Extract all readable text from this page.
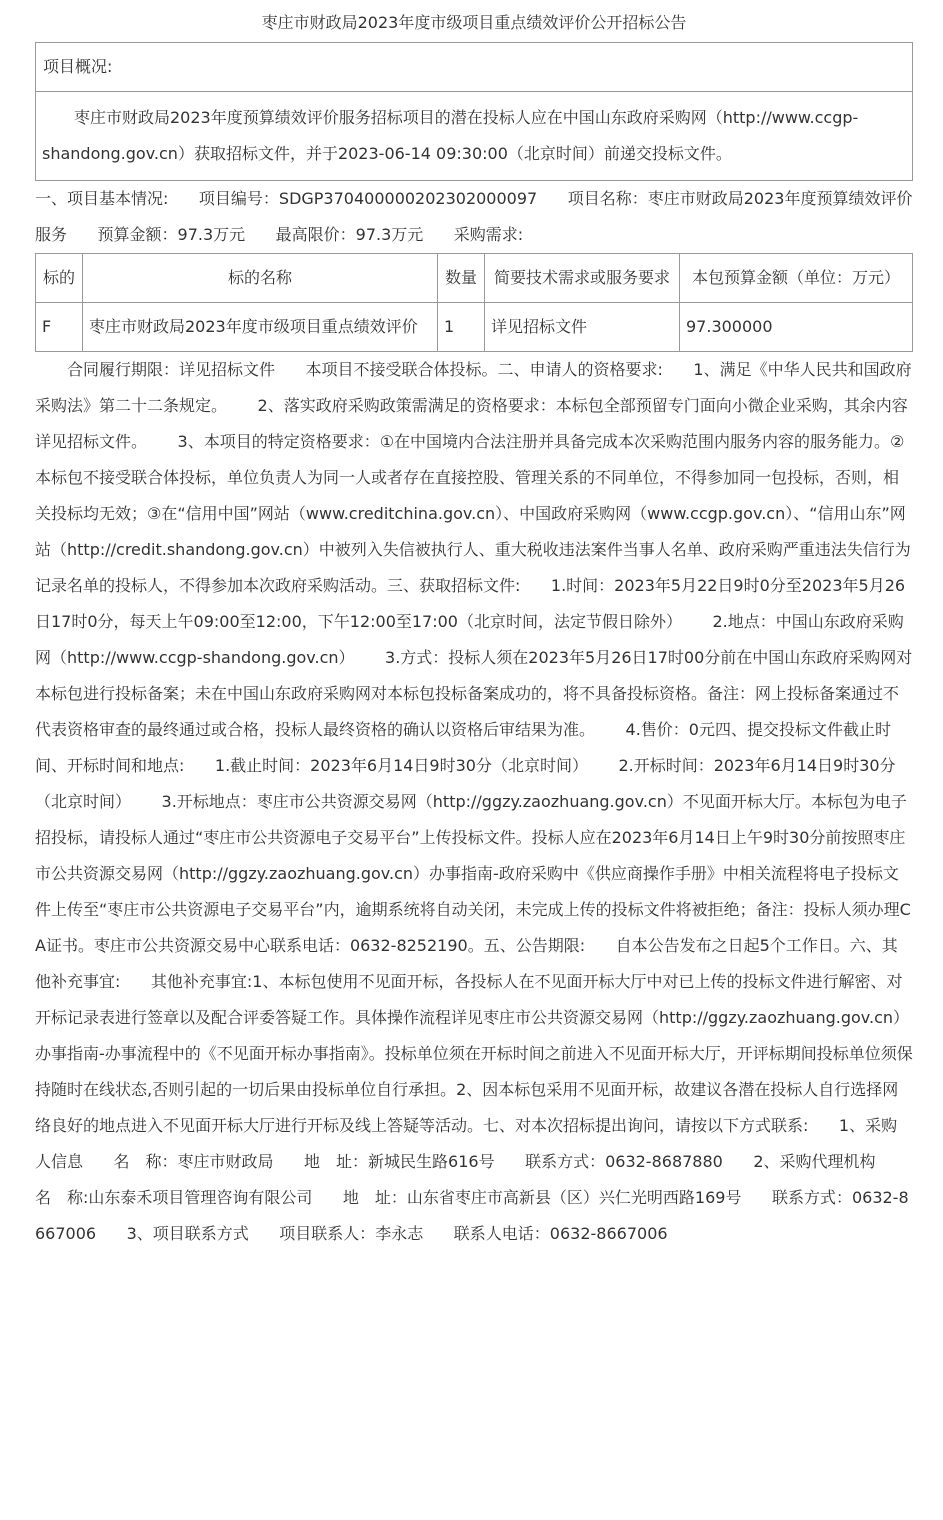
枣庄市财政局2023年度市级项目重点绩效评价公开招标公告
项目概况:
枣庄市财政局2023年度预算绩效评价服务招标项目的潜在投标人应在中国山东政府采购网（http://www.ccgp-shandong.gov.cn）获取招标文件，并于2023-06-14 09:30:00（北京时间）前递交投标文件。

一、项目基本情况:      项目编号：SDGP370400000202302000097      项目名称：枣庄市财政局2023年度预算绩效评价服务      预算金额：97.3万元      最高限价：97.3万元      采购需求:

标的	标的名称	数量	简要技术需求或服务要求	本包预算金额（单位：万元）
F	枣庄市财政局2023年度市级项目重点绩效评价	1	详见招标文件	97.300000

合同履行期限：详见招标文件      本项目不接受联合体投标。二、申请人的资格要求:      1、满足《中华人民共和国政府采购法》第二十二条规定。      2、落实政府采购政策需满足的资格要求：本标包全部预留专门面向小微企业采购，其余内容详见招标文件。      3、本项目的特定资格要求：①在中国境内合法注册并具备完成本次采购范围内服务内容的服务能力。②本标包不接受联合体投标，单位负责人为同一人或者存在直接控股、管理关系的不同单位，不得参加同一包投标，否则，相关投标均无效；③在“信用中国”网站（www.creditchina.gov.cn）、中国政府采购网（www.ccgp.gov.cn）、“信用山东”网站（http://credit.shandong.gov.cn）中被列入失信被执行人、重大税收违法案件当事人名单、政府采购严重违法失信行为记录名单的投标人，不得参加本次政府采购活动。三、获取招标文件:      1.时间：2023年5月22日9时0分至2023年5月26日17时0分，每天上午09:00至12:00，下午12:00至17:00（北京时间，法定节假日除外）      2.地点：中国山东政府采购网（http://www.ccgp-shandong.gov.cn）      3.方式：投标人须在2023年5月26日17时00分前在中国山东政府采购网对本标包进行投标备案；未在中国山东政府采购网对本标包投标备案成功的，将不具备投标资格。备注：网上投标备案通过不代表资格审查的最终通过或合格，投标人最终资格的确认以资格后审结果为准。      4.售价：0元四、提交投标文件截止时间、开标时间和地点:      1.截止时间：2023年6月14日9时30分（北京时间）      2.开标时间：2023年6月14日9时30分（北京时间）      3.开标地点：枣庄市公共资源交易网（http://ggzy.zaozhuang.gov.cn）不见面开标大厅。本标包为电子招投标，请投标人通过“枣庄市公共资源电子交易平台”上传投标文件。投标人应在2023年6月14日上午9时30分前按照枣庄市公共资源交易网（http://ggzy.zaozhuang.gov.cn）办事指南-政府采购中《供应商操作手册》中相关流程将电子投标文件上传至“枣庄市公共资源电子交易平台”内，逾期系统将自动关闭，未完成上传的投标文件将被拒绝；备注：投标人须办理CA证书。枣庄市公共资源交易中心联系电话：0632-8252190。五、公告期限:      自本公告发布之日起5个工作日。六、其他补充事宜:      其他补充事宜:1、本标包使用不见面开标，各投标人在不见面开标大厅中对已上传的投标文件进行解密、对开标记录表进行签章以及配合评委答疑工作。具体操作流程详见枣庄市公共资源交易网（http://ggzy.zaozhuang.gov.cn）办事指南-办事流程中的《不见面开标办事指南》。投标单位须在开标时间之前进入不见面开标大厅，开评标期间投标单位须保持随时在线状态,否则引起的一切后果由投标单位自行承担。2、因本标包采用不见面开标，故建议各潜在投标人自行选择网络良好的地点进入不见面开标大厅进行开标及线上答疑等活动。七、对本次招标提出询问，请按以下方式联系:      1、采购人信息      名　称：枣庄市财政局      地　址：新城民生路616号      联系方式：0632-8687880      2、采购代理机构      名　称:山东泰禾项目管理咨询有限公司      地　址：山东省枣庄市高新县（区）兴仁光明西路169号      联系方式：0632-8667006      3、项目联系方式      项目联系人：李永志      联系人电话：0632-8667006
